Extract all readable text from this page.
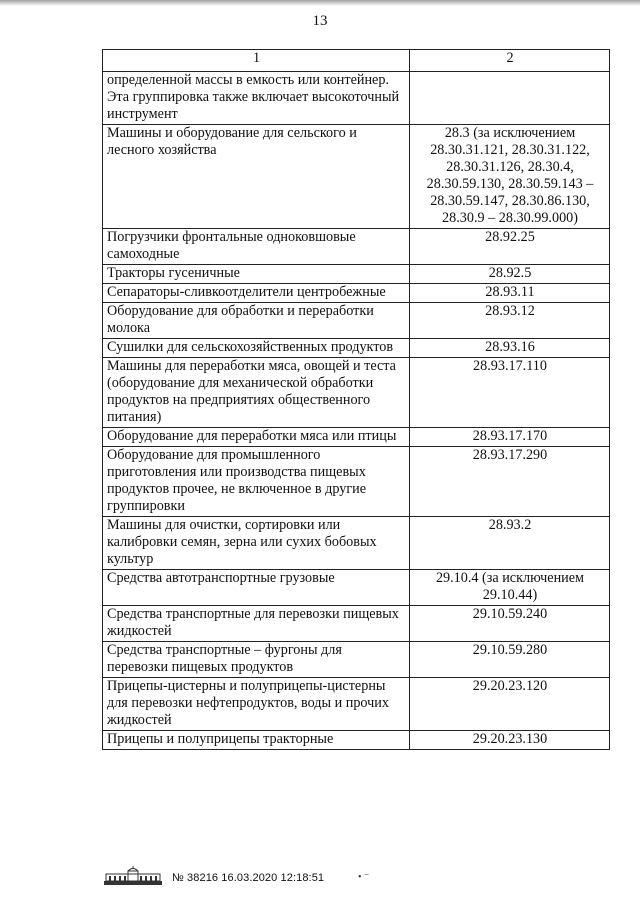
13
1	2
определенной массы в емкость или контейнер.
Эта группировка также включает высокоточный инструмент	
Машины и оборудование для сельского и лесного хозяйства	28.3 (за исключением 28.30.31.121, 28.30.31.122, 28.30.31.126, 28.30.4, 28.30.59.130, 28.30.59.143 – 28.30.59.147, 28.30.86.130, 28.30.9 – 28.30.99.000)
Погрузчики фронтальные одноковшовые самоходные	28.92.25
Тракторы гусеничные	28.92.5
Сепараторы-сливкоотделители центробежные	28.93.11
Оборудование для обработки и переработки молока	28.93.12
Сушилки для сельскохозяйственных продуктов	28.93.16
Машины для переработки мяса, овощей и теста (оборудование для механической обработки продуктов на предприятиях общественного питания)	28.93.17.110
Оборудование для переработки мяса или птицы	28.93.17.170
Оборудование для промышленного приготовления или производства пищевых продуктов прочее, не включенное в другие группировки	28.93.17.290
Машины для очистки, сортировки или калибровки семян, зерна или сухих бобовых культур	28.93.2
Средства автотранспортные грузовые	29.10.4 (за исключением 29.10.44)
Средства транспортные для перевозки пищевых жидкостей	29.10.59.240
Средства транспортные – фургоны для перевозки пищевых продуктов	29.10.59.280
Прицепы-цистерны и полуприцепы-цистерны для перевозки нефтепродуктов, воды и прочих жидкостей	29.20.23.120
Прицепы и полуприцепы тракторные	29.20.23.130
№ 38216 16.03.2020 12:18:51	• ⁻
